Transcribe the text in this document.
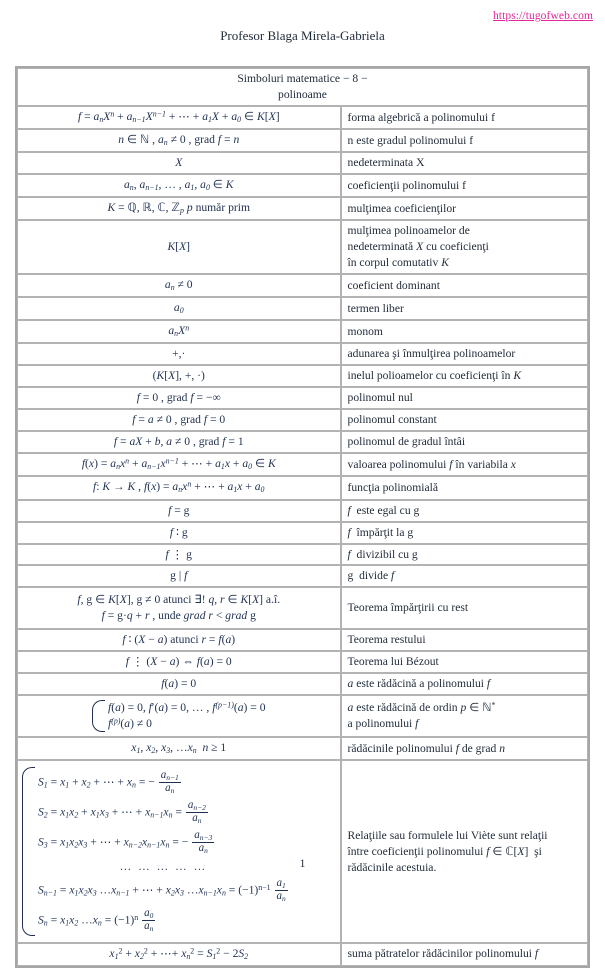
https://tugofweb.com
Profesor Blaga Mirela-Gabriela
Simboluri matematice − 8 −
polinoame	
$f = a_nX^n + a_{n-1}X^{n-1}$ + ⋯ + $a_1X + a_0$ ∈ K[X]	forma algebrică a polinomului f
n ∈ ℕ , $a_n \ne 0$ , grad f = n	n este gradul polinomului f
X	nedeterminata X
$a_n$, $a_{n-1}$, … , $a_1$, $a_0$ ∈ K	coeficienţii polinomului f
K = ℚ, ℝ, ℂ, ℤ$_p$ p număr prim	mulţimea coeficienţilor
K[X]	mulţimea polinoamelor de
nedeterminată X cu coeficienţi
în corpul comutativ K
$a_n \ne 0$	coeficient dominant
$a_0$	termen liber
$a_nX^n$	monom
+,·	adunarea şi înmulţirea polinoamelor
(K[X], +, ·)	inelul polioamelor cu coeficienţi în K
f = 0 , grad f = −∞	polinomul nul
f = a ≠ 0 , grad f = 0	polinomul constant
f = aX + b, a ≠ 0 , grad f = 1	polinomul de gradul întâi
$f(x) = a_nx^n + a_{n-1}x^{n-1}$ + ⋯ + $a_1x + a_0$ ∈ K	valoarea polinomului f în variabila x
f: K → K , $f(x) = a_nx^n$ + ⋯ + $a_1x + a_0$	funcţia polinomială
f = g	f  este egal cu g
f ∶ g	f  împărţit la g
f ⋮ g	f  divizibil cu g
g | f	g  divide f
f, g ∈ K[X], g ≠ 0 atunci ∃! q, r ∈ K[X] a.î.
f = g·q + r , unde grad r < grad g	Teorema împărţirii cu rest
f ∶ (X − a) atunci r = f(a)	Teorema restului
f ⋮ (X − a) ⇔ f(a) = 0	Teorema lui Bézout
f(a) = 0	a este rădăcină a polinomului f

f(a) = 0, f′(a) = 0, … , $f^{(p-1)}(a) = 0$
$f^{(p)}(a) \ne 0$	a este rădăcină de ordin p ∈ ℕ*
a polinomului f
$x_1$, $x_2$, $x_3$, $\dots x_n$ n ≥ 1	rădăcinile polinomului f de grad n

$S_1 = x_1 + x_2$ + ⋯ + $x_n$ = − $\frac{a_{n-1}}{a_n}$
$S_2 = x_1x_2 + x_1x_3$ + ⋯ + $x_{n-1}x_n = \frac{a_{n-2}}{a_n}$
$S_3 = x_1x_2x_3$ + ⋯ + $x_{n-2}x_{n-1}x_n$ = − $\frac{a_{n-3}}{a_n}$
… … … … …
$S_{n-1} = x_1x_2x_3$ $\dots x_{n-1}$ + ⋯ + $x_2x_3$ $\dots x_{n-1}x_n = (-1)^{n-1} \frac{a_1}{a_n}$
$S_n = x_1x_2$ $\dots x_n = (-1)^n \frac{a_0}{a_n}$
	Relaţiile sau formulele lui Viète sunt relaţii
între coeficienţii polinomului f ∈ ℂ[X]  şi
rădăcinile acestuia.
$x_1^2 + x_2^2$ + ⋯+ $x_n^2 = S_1^2 - 2S_2$	suma pătratelor rădăcinilor polinomului f
1
